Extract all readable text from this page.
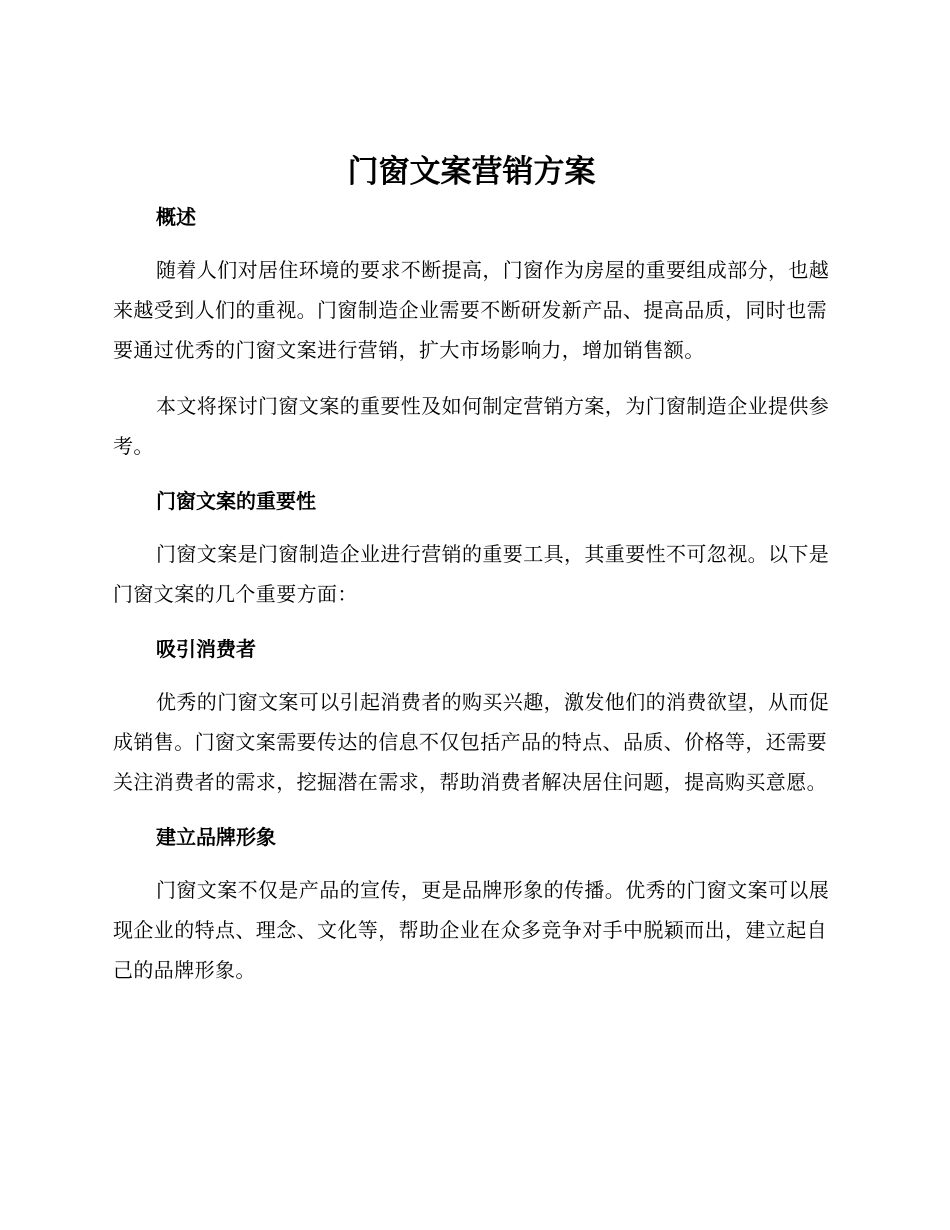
门窗文案营销方案
概述

随着人们对居住环境的要求不断提高，门窗作为房屋的重要组成部分，也越来越受到人们的重视。门窗制造企业需要不断研发新产品、提高品质，同时也需要通过优秀的门窗文案进行营销，扩大市场影响力，增加销售额。

本文将探讨门窗文案的重要性及如何制定营销方案，为门窗制造企业提供参考。

门窗文案的重要性

门窗文案是门窗制造企业进行营销的重要工具，其重要性不可忽视。以下是门窗文案的几个重要方面：

吸引消费者

优秀的门窗文案可以引起消费者的购买兴趣，激发他们的消费欲望，从而促成销售。门窗文案需要传达的信息不仅包括产品的特点、品质、价格等，还需要关注消费者的需求，挖掘潜在需求，帮助消费者解决居住问题，提高购买意愿。

建立品牌形象

门窗文案不仅是产品的宣传，更是品牌形象的传播。优秀的门窗文案可以展现企业的特点、理念、文化等，帮助企业在众多竞争对手中脱颖而出，建立起自己的品牌形象。
